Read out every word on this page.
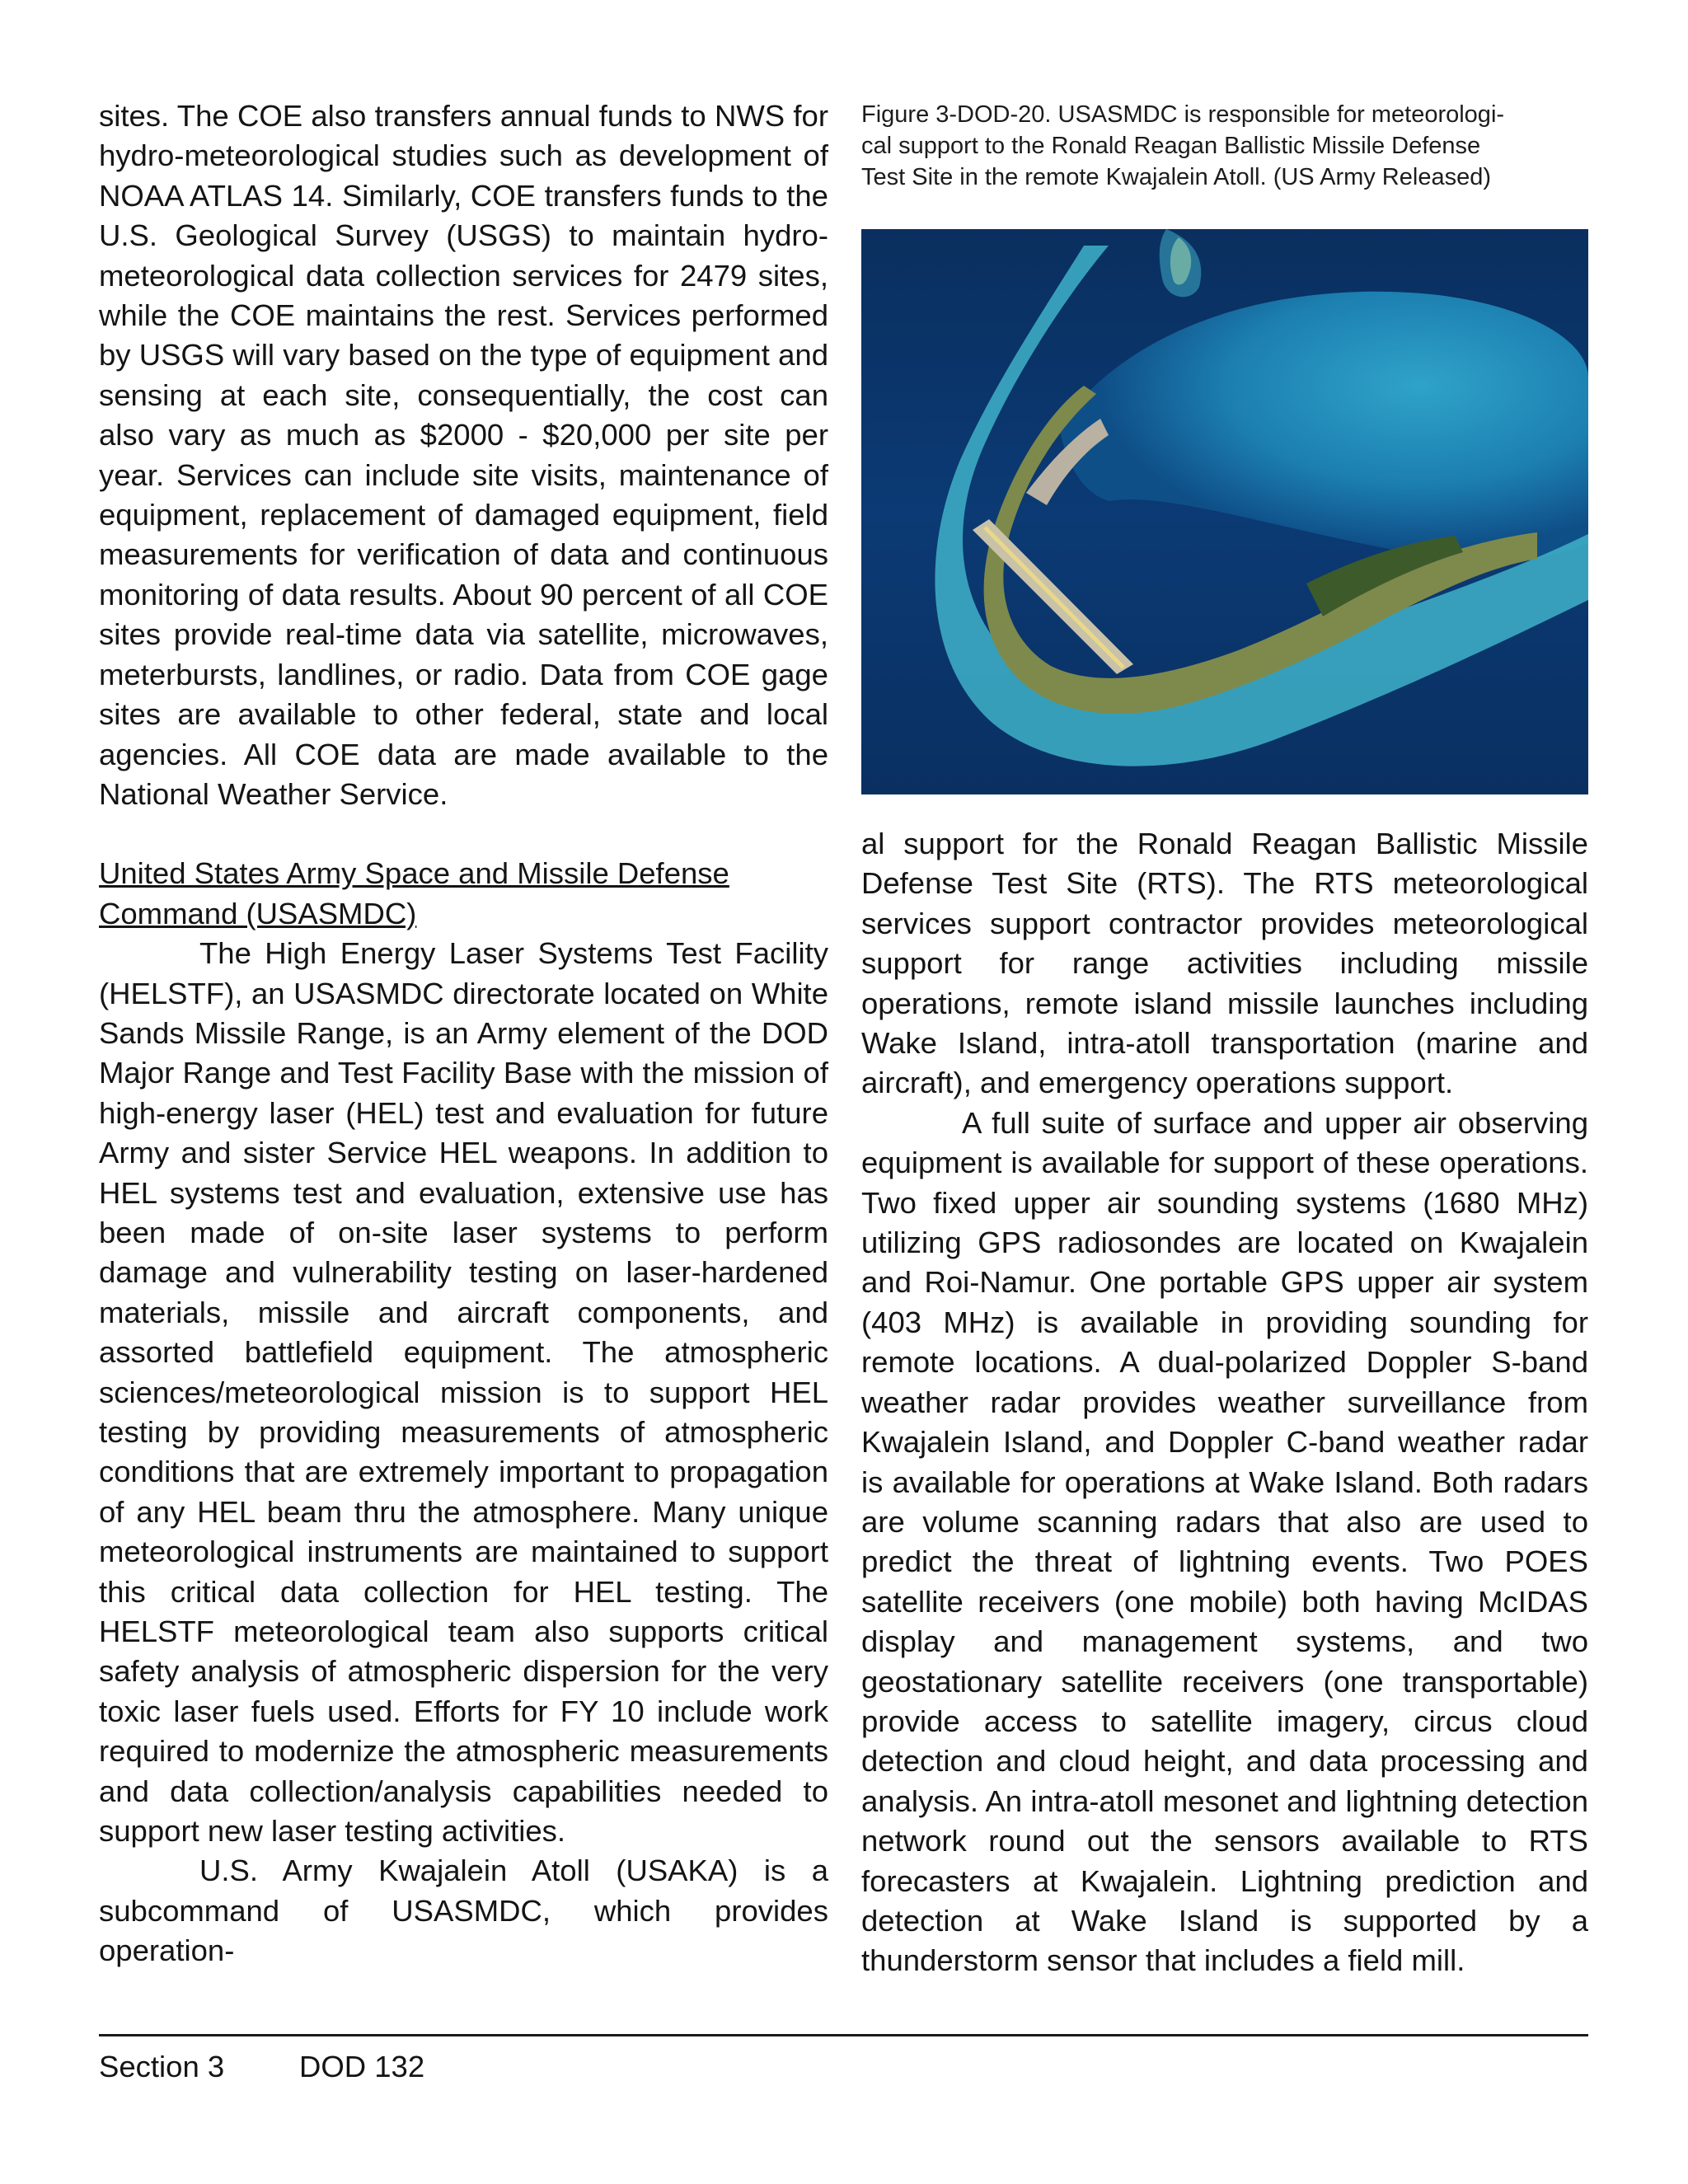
sites. The COE also transfers annual funds to NWS for hydro-meteorological studies such as development of NOAA ATLAS 14. Similarly, COE transfers funds to the U.S. Geological Survey (USGS) to maintain hydro-meteorological data collection services for 2479 sites, while the COE maintains the rest. Services performed by USGS will vary based on the type of equipment and sensing at each site, consequentially, the cost can also vary as much as $2000 - $20,000 per site per year. Services can include site visits, maintenance of equipment, replacement of damaged equipment, field measurements for verification of data and continuous monitoring of data results. About 90 percent of all COE sites provide real-time data via satellite, microwaves, meterbursts, landlines, or radio. Data from COE gage sites are available to other federal, state and local agencies. All COE data are made available to the National Weather Service.

United States Army Space and Missile Defense Command (USASMDC)

The High Energy Laser Systems Test Facility (HELSTF), an USASMDC directorate located on White Sands Missile Range, is an Army element of the DOD Major Range and Test Facility Base with the mission of high-energy laser (HEL) test and evaluation for future Army and sister Service HEL weapons. In addition to HEL systems test and evaluation, extensive use has been made of on-site laser systems to perform damage and vulnerability testing on laser-hardened materials, missile and aircraft components, and assorted battlefield equipment. The atmospheric sciences/meteorological mission is to support HEL testing by providing measurements of atmospheric conditions that are extremely important to propagation of any HEL beam thru the atmosphere. Many unique meteorological instruments are maintained to support this critical data collection for HEL testing. The HELSTF meteorological team also supports critical safety analysis of atmospheric dispersion for the very toxic laser fuels used. Efforts for FY 10 include work required to modernize the atmospheric measurements and data collection/analysis capabilities needed to support new laser testing activities.

U.S. Army Kwajalein Atoll (USAKA) is a subcommand of USASMDC, which provides operation-

Figure 3-DOD-20. USASMDC is responsible for meteorologi-
cal support to the Ronald Reagan Ballistic Missile Defense
Test Site in the remote Kwajalein Atoll. (US Army Released)

al support for the Ronald Reagan Ballistic Missile Defense Test Site (RTS). The RTS meteorological services support contractor provides meteorological support for range activities including missile operations, remote island missile launches including Wake Island, intra-atoll transportation (marine and aircraft), and emergency operations support.

A full suite of surface and upper air observing equipment is available for support of these operations. Two fixed upper air sounding systems (1680 MHz) utilizing GPS radiosondes are located on Kwajalein and Roi-Namur. One portable GPS upper air system (403 MHz) is available in providing sounding for remote locations. A dual-polarized Doppler S-band weather radar provides weather surveillance from Kwajalein Island, and Doppler C-band weather radar is available for operations at Wake Island. Both radars are volume scanning radars that also are used to predict the threat of lightning events. Two POES satellite receivers (one mobile) both having McIDAS display and management systems, and two geostationary satellite receivers (one transportable) provide access to satellite imagery, circus cloud detection and cloud height, and data processing and analysis. An intra-atoll mesonet and lightning detection network round out the sensors available to RTS forecasters at Kwajalein. Lightning prediction and detection at Wake Island is supported by a thunderstorm sensor that includes a field mill.

Section 3 DOD 132
